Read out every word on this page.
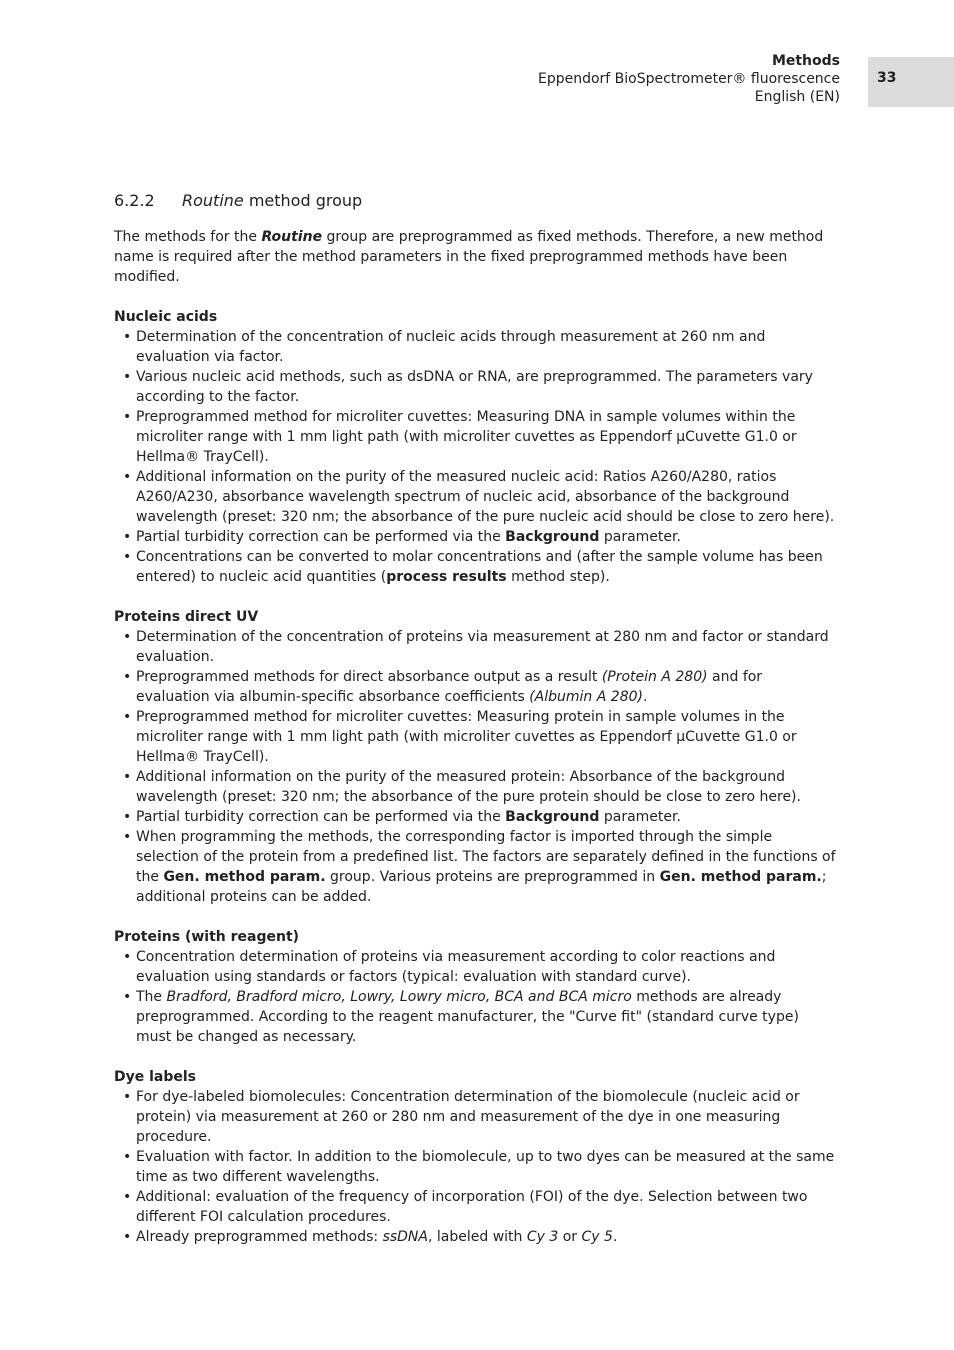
Methods
Eppendorf BioSpectrometer® fluorescence
English (EN)
33
6.2.2 Routine method group

The methods for the Routine group are preprogrammed as fixed methods. Therefore, a new method name is required after the method parameters in the fixed preprogrammed methods have been modified.

Nucleic acids
• Determination of the concentration of nucleic acids through measurement at 260 nm and evaluation via factor.
• Various nucleic acid methods, such as dsDNA or RNA, are preprogrammed. The parameters vary according to the factor.
• Preprogrammed method for microliter cuvettes: Measuring DNA in sample volumes within the microliter range with 1 mm light path (with microliter cuvettes as Eppendorf µCuvette G1.0 or Hellma® TrayCell).
• Additional information on the purity of the measured nucleic acid: Ratios A260/A280, ratios A260/A230, absorbance wavelength spectrum of nucleic acid, absorbance of the background wavelength (preset: 320 nm; the absorbance of the pure nucleic acid should be close to zero here).
• Partial turbidity correction can be performed via the Background parameter.
• Concentrations can be converted to molar concentrations and (after the sample volume has been entered) to nucleic acid quantities (process results method step).
Proteins direct UV
• Determination of the concentration of proteins via measurement at 280 nm and factor or standard evaluation.
• Preprogrammed methods for direct absorbance output as a result (Protein A 280) and for evaluation via albumin-specific absorbance coefficients (Albumin A 280).
• Preprogrammed method for microliter cuvettes: Measuring protein in sample volumes in the microliter range with 1 mm light path (with microliter cuvettes as Eppendorf µCuvette G1.0 or Hellma® TrayCell).
• Additional information on the purity of the measured protein: Absorbance of the background wavelength (preset: 320 nm; the absorbance of the pure protein should be close to zero here).
• Partial turbidity correction can be performed via the Background parameter.
• When programming the methods, the corresponding factor is imported through the simple selection of the protein from a predefined list. The factors are separately defined in the functions of the Gen. method param. group. Various proteins are preprogrammed in Gen. method param.; additional proteins can be added.
Proteins (with reagent)
• Concentration determination of proteins via measurement according to color reactions and evaluation using standards or factors (typical: evaluation with standard curve).
• The Bradford, Bradford micro, Lowry, Lowry micro, BCA and BCA micro methods are already preprogrammed. According to the reagent manufacturer, the "Curve fit" (standard curve type) must be changed as necessary.
Dye labels
• For dye-labeled biomolecules: Concentration determination of the biomolecule (nucleic acid or protein) via measurement at 260 or 280 nm and measurement of the dye in one measuring procedure.
• Evaluation with factor. In addition to the biomolecule, up to two dyes can be measured at the same time as two different wavelengths.
• Additional: evaluation of the frequency of incorporation (FOI) of the dye. Selection between two different FOI calculation procedures.
• Already preprogrammed methods: ssDNA, labeled with Cy 3 or Cy 5.
